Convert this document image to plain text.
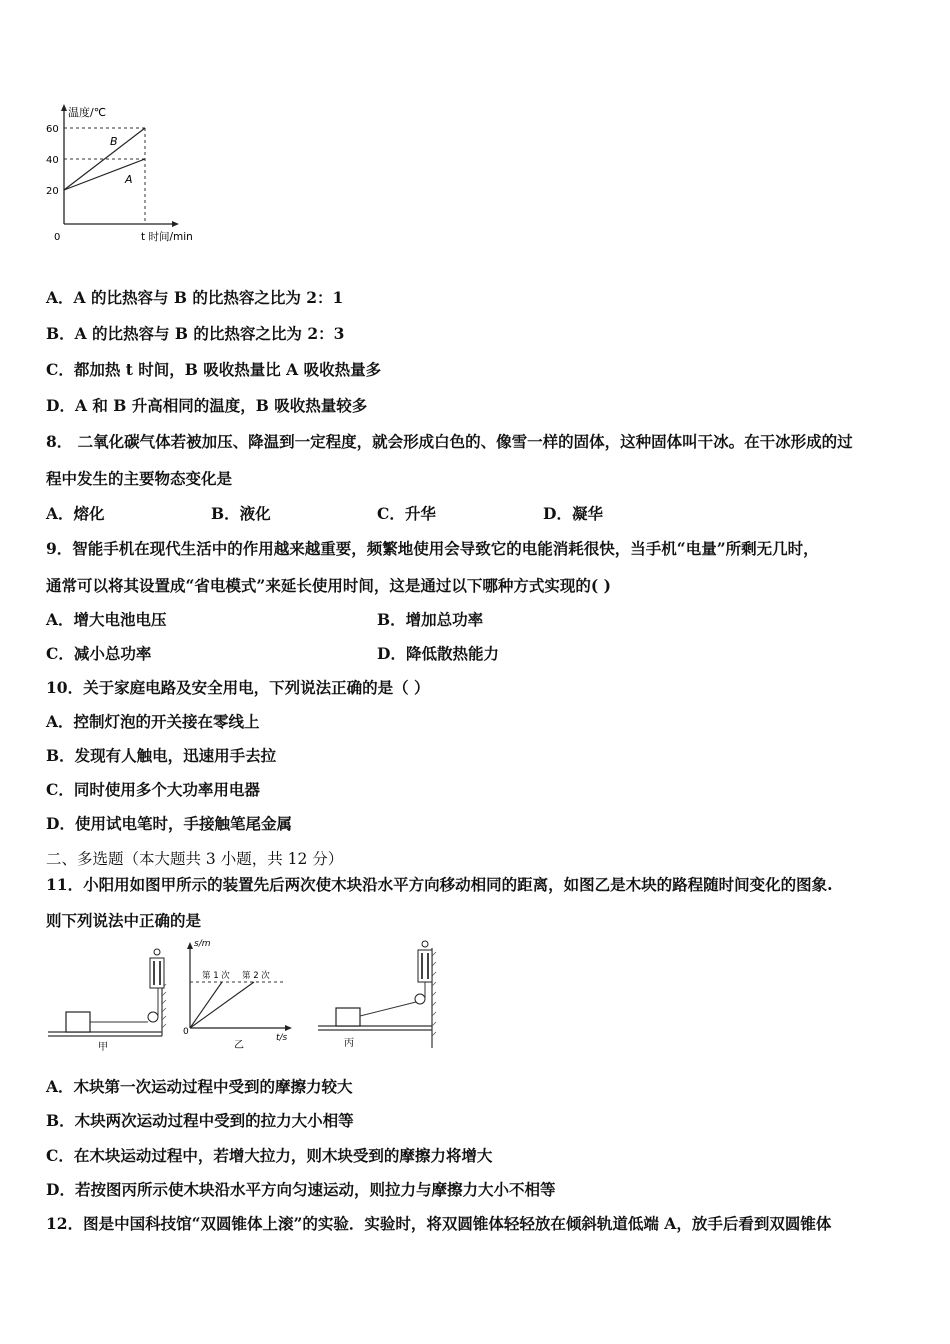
温度/℃
60
40
20
0	t 时间/min
B
A
A．A 的比热容与 B 的比热容之比为 2：1
B．A 的比热容与 B 的比热容之比为 2：3
C．都加热 t 时间，B 吸收热量比 A 吸收热量多
D．A 和 B 升高相同的温度，B 吸收热量较多
8． 二氧化碳气体若被加压、降温到一定程度，就会形成白色的、像雪一样的固体，这种固体叫干冰。在干冰形成的过
程中发生的主要物态变化是
A．熔化	B．液化	C．升华	D．凝华
9．智能手机在现代生活中的作用越来越重要，频繁地使用会导致它的电能消耗很快，当手机“电量”所剩无几时，
通常可以将其设置成“省电模式”来延长使用时间，这是通过以下哪种方式实现的( )
A．增大电池电压	B．增加总功率
C．减小总功率	D．降低散热能力
10．关于家庭电路及安全用电，下列说法正确的是（ ）
A．控制灯泡的开关接在零线上
B．发现有人触电，迅速用手去拉
C．同时使用多个大功率用电器
D．使用试电笔时，手接触笔尾金属
二、多选题（本大题共 3 小题，共 12 分）
11．小阳用如图甲所示的装置先后两次使木块沿水平方向移动相同的距离，如图乙是木块的路程随时间变化的图象.
则下列说法中正确的是
甲
s/m
第 1 次 第 2 次
0
t/s
乙	丙
A．木块第一次运动过程中受到的摩擦力较大
B．木块两次运动过程中受到的拉力大小相等
C．在木块运动过程中，若增大拉力，则木块受到的摩擦力将增大
D．若按图丙所示使木块沿水平方向匀速运动，则拉力与摩擦力大小不相等
12．图是中国科技馆“双圆锥体上滚”的实验．实验时，将双圆锥体轻轻放在倾斜轨道低端 A，放手后看到双圆锥体
